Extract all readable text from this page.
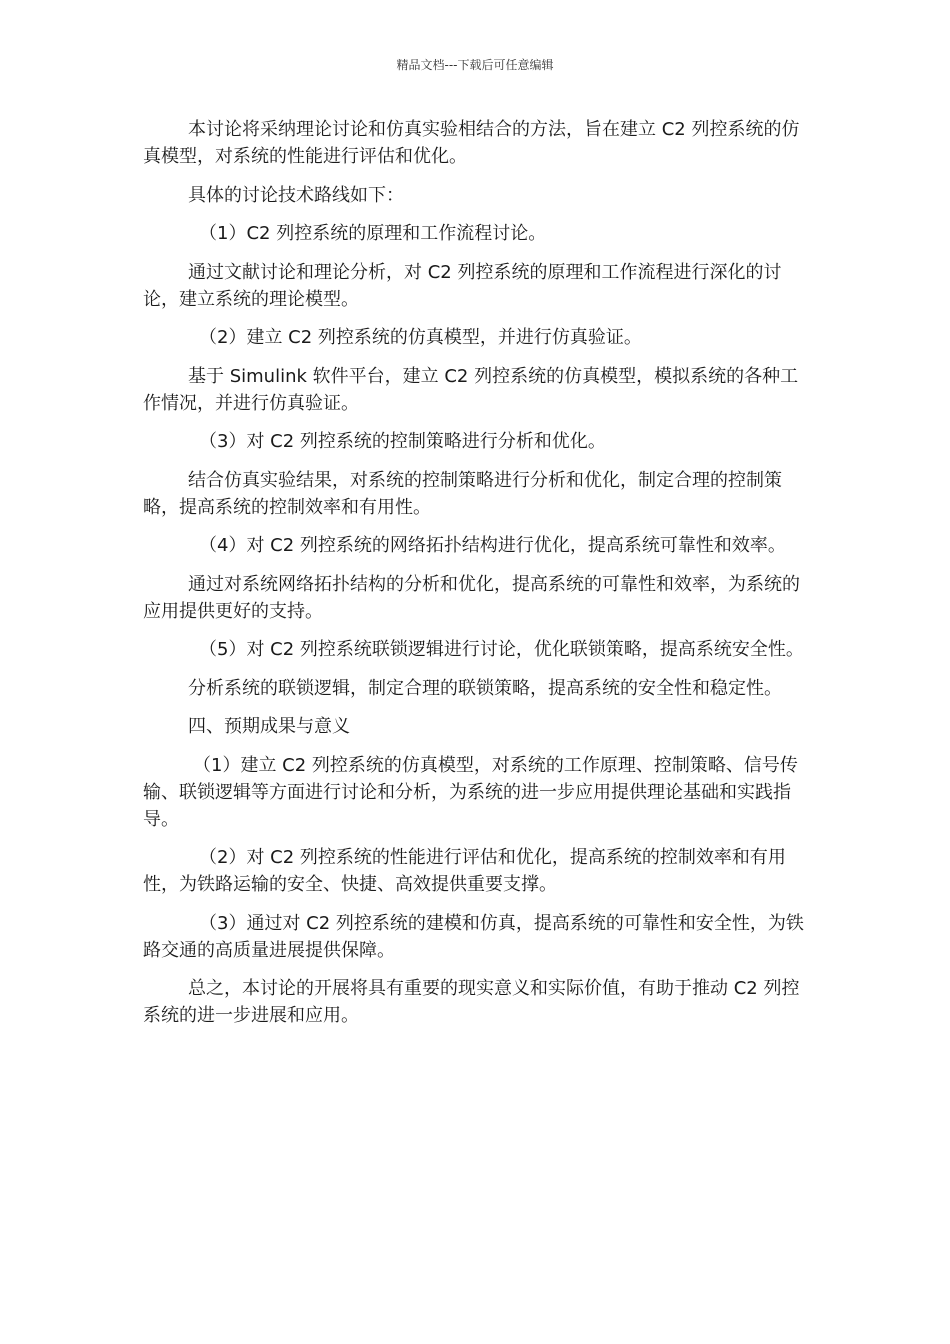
精品文档---下载后可任意编辑

本讨论将采纳理论讨论和仿真实验相结合的方法，旨在建立 C2 列控系统的仿真模型，对系统的性能进行评估和优化。

具体的讨论技术路线如下：

（1）C2 列控系统的原理和工作流程讨论。

通过文献讨论和理论分析，对 C2 列控系统的原理和工作流程进行深化的讨论，建立系统的理论模型。

（2）建立 C2 列控系统的仿真模型，并进行仿真验证。

基于 Simulink 软件平台，建立 C2 列控系统的仿真模型，模拟系统的各种工作情况，并进行仿真验证。

（3）对 C2 列控系统的控制策略进行分析和优化。

结合仿真实验结果，对系统的控制策略进行分析和优化，制定合理的控制策略，提高系统的控制效率和有用性。

（4）对 C2 列控系统的网络拓扑结构进行优化，提高系统可靠性和效率。

通过对系统网络拓扑结构的分析和优化，提高系统的可靠性和效率，为系统的应用提供更好的支持。

（5）对 C2 列控系统联锁逻辑进行讨论，优化联锁策略，提高系统安全性。

分析系统的联锁逻辑，制定合理的联锁策略，提高系统的安全性和稳定性。

四、预期成果与意义

（1）建立 C2 列控系统的仿真模型，对系统的工作原理、控制策略、信号传输、联锁逻辑等方面进行讨论和分析，为系统的进一步应用提供理论基础和实践指导。

（2）对 C2 列控系统的性能进行评估和优化，提高系统的控制效率和有用性，为铁路运输的安全、快捷、高效提供重要支撑。

（3）通过对 C2 列控系统的建模和仿真，提高系统的可靠性和安全性，为铁路交通的高质量进展提供保障。

总之，本讨论的开展将具有重要的现实意义和实际价值，有助于推动 C2 列控系统的进一步进展和应用。
